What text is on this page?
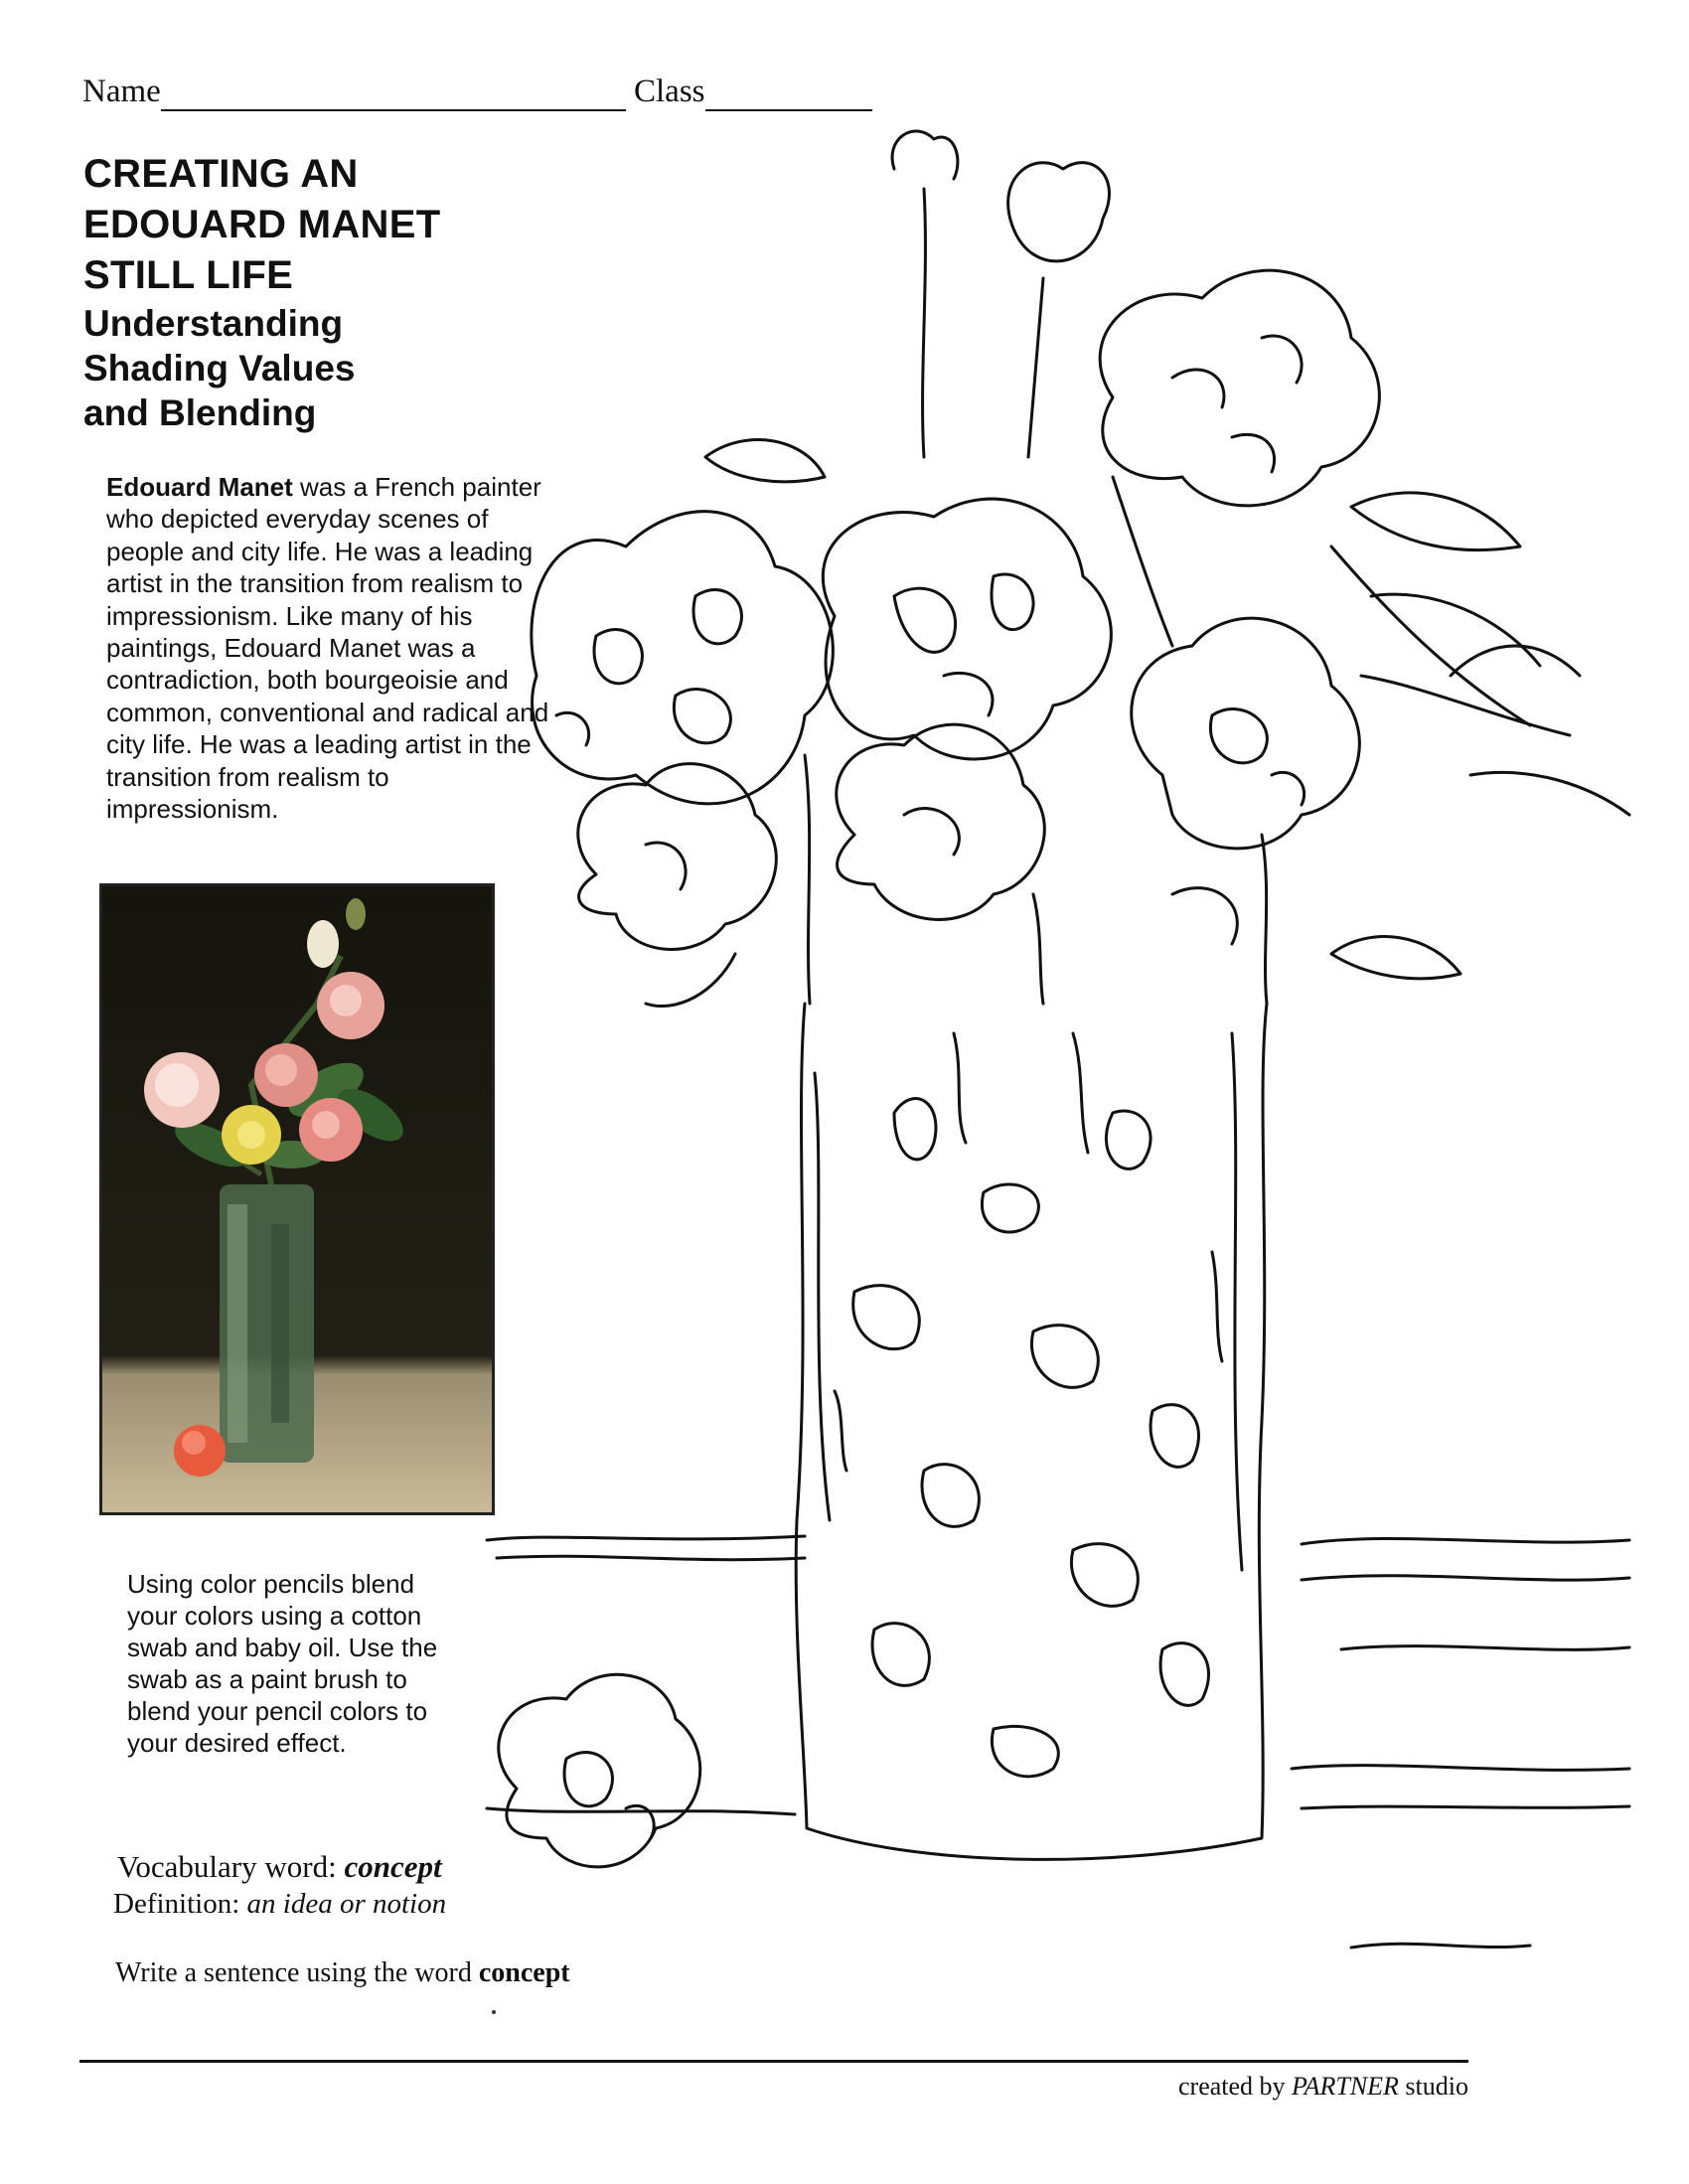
Name	Class
CREATING AN
EDOUARD MANET
STILL LIFE
Understanding
Shading Values
and Blending
Edouard Manet was a French painter who depicted everyday scenes of people and city life. He was a leading artist in the transition from realism to impressionism. Like many of his paintings, Edouard Manet was a contradiction, both bourgeoisie and common, conventional and radical and city life. He was a leading artist in the transition from realism to impressionism.
Using color pencils blend your colors using a cotton swab and baby oil. Use the swab as a paint brush to blend your pencil colors to your desired effect.
Vocabulary word: concept
Definition: an idea or notion
Write a sentence using the word concept
created by PARTNER studio
